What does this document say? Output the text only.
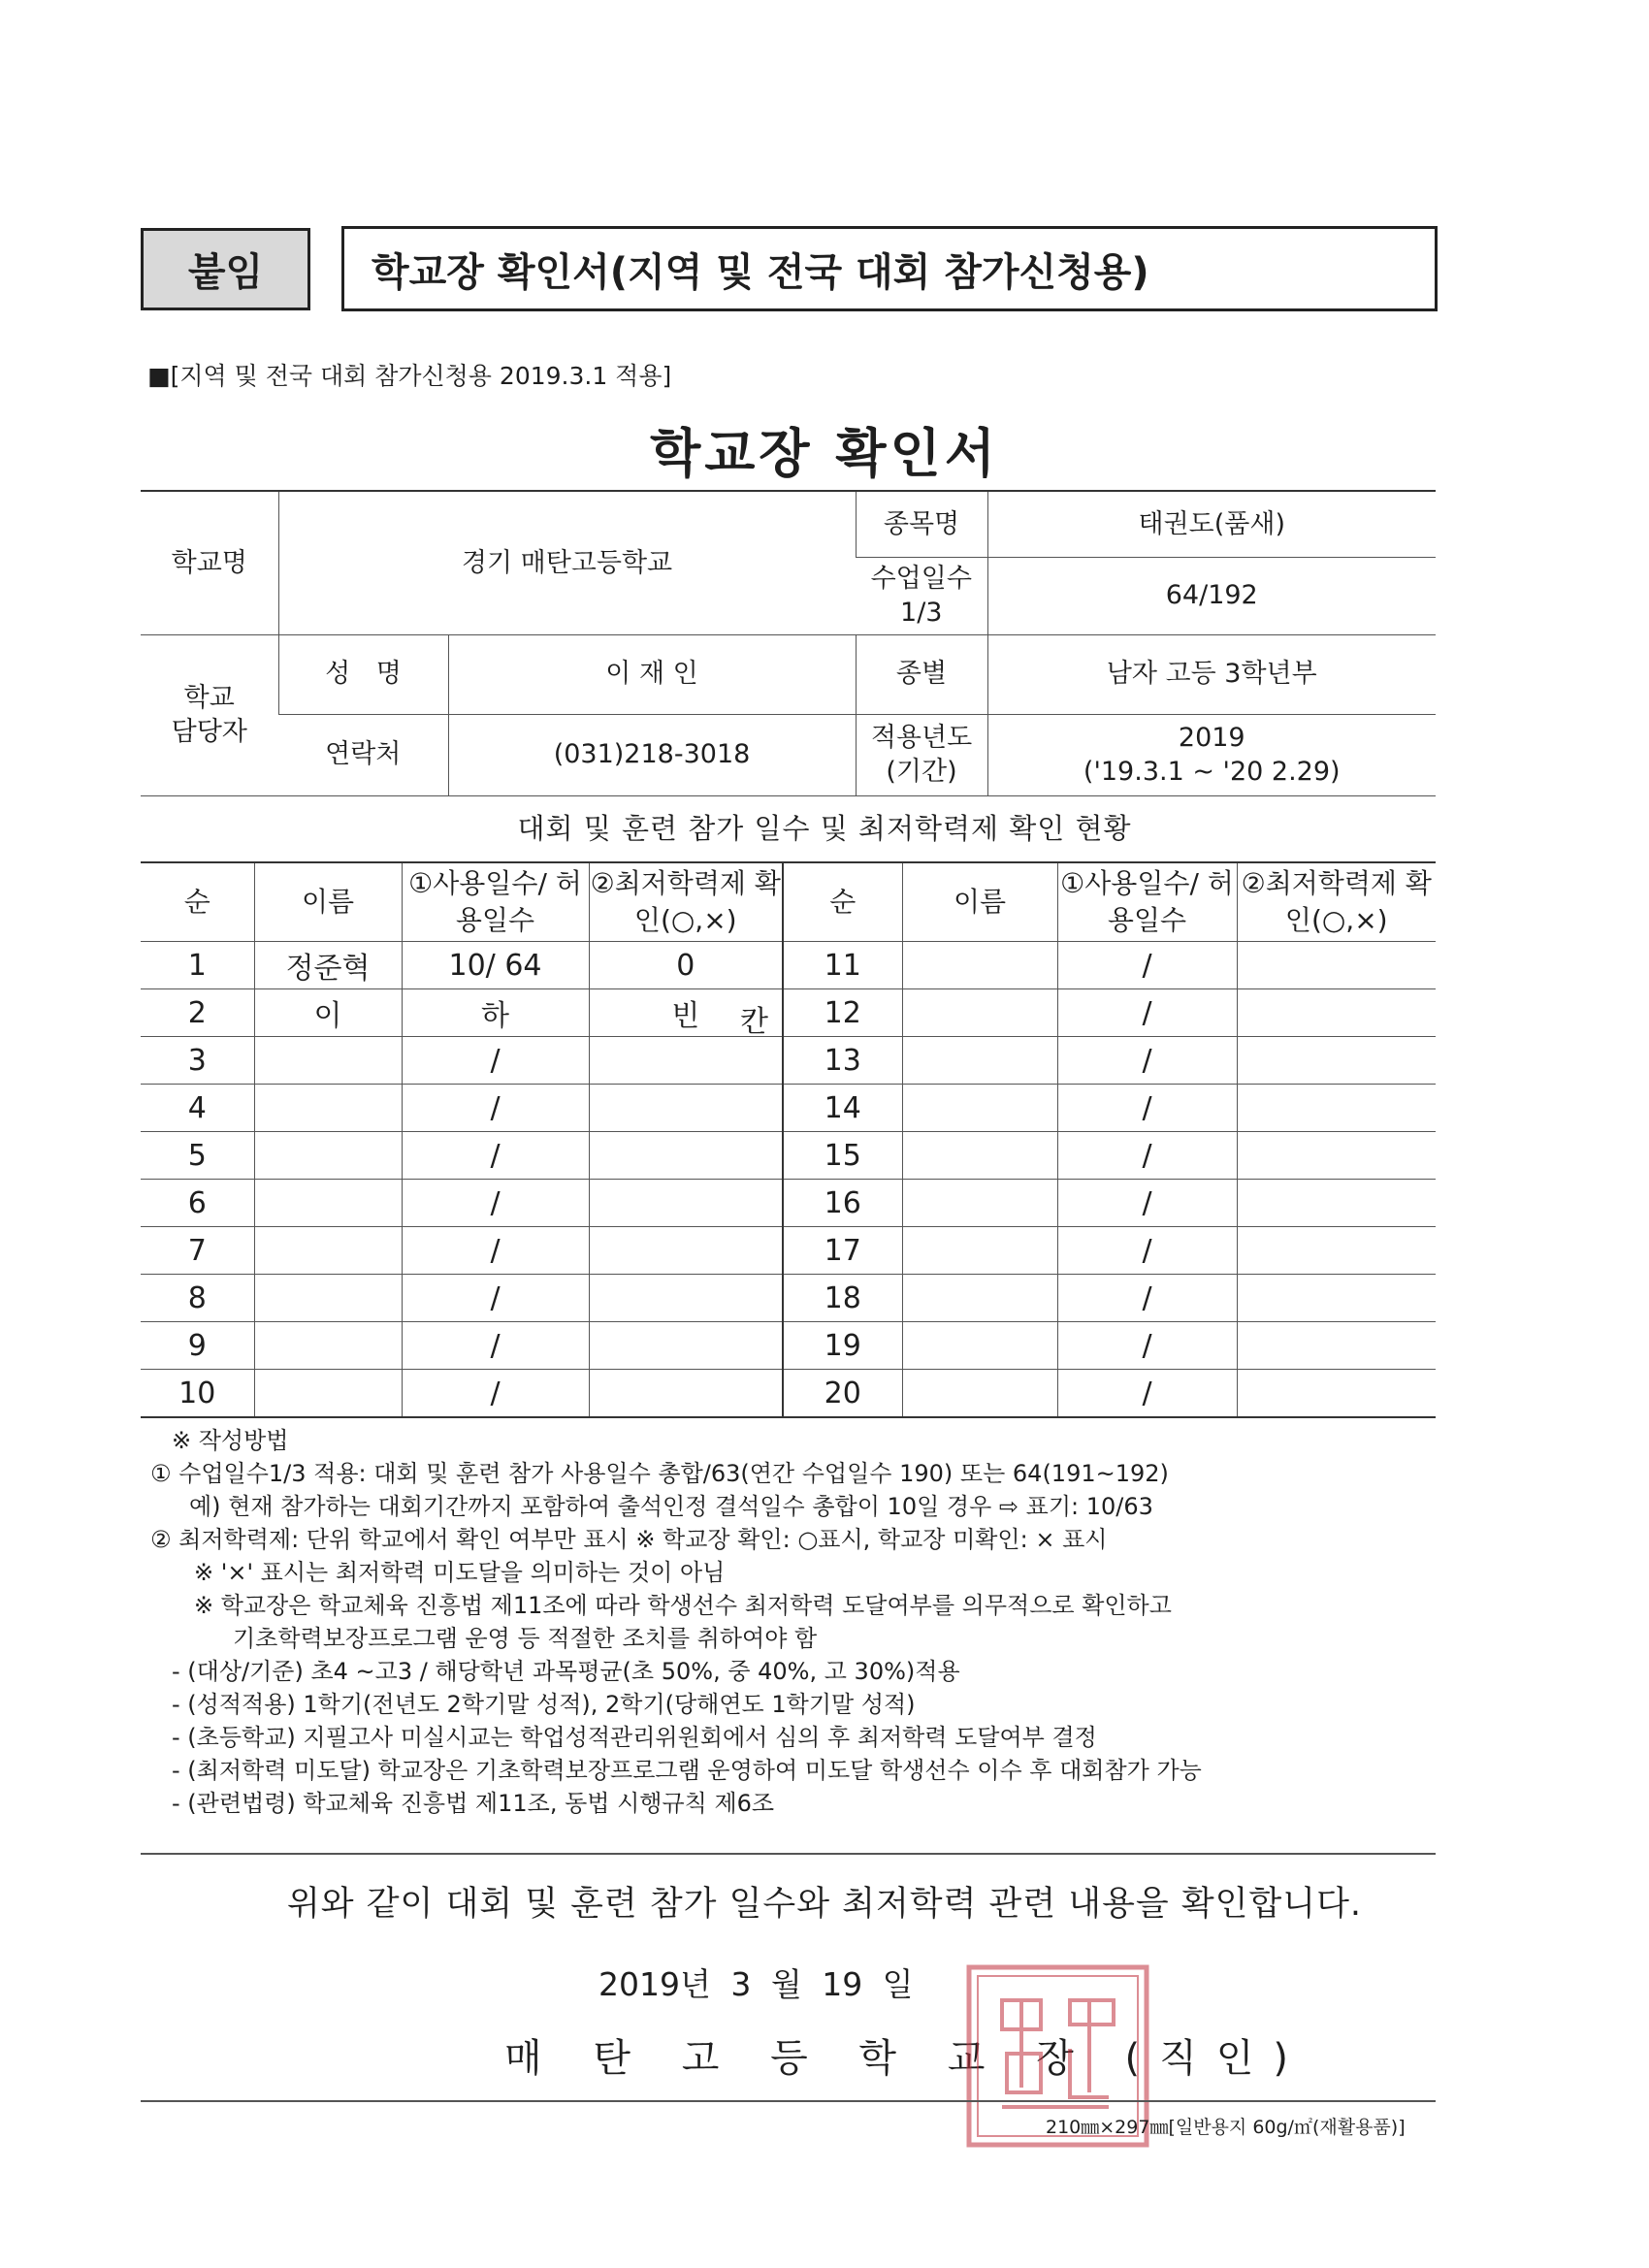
붙임	학교장 확인서(지역 및 전국 대회 참가신청용)
■[지역 및 전국 대회 참가신청용 2019.3.1 적용]
학교장 확인서
학교명	경기 매탄고등학교		종목명	태권도(품새)
			수업일수 1/3	64/192
학교 담당자	성 명	이 재 인	종별	남자 고등 3학년부
	연락처	(031)218-3018	적용년도 (기간)	2019
('19.3.1 ~ '20 2.29)
대회 및 훈련 참가 일수 및 최저학력제 확인 현황
순	이름	①사용일수/ 허용일수	②최저학력제 확인(○,×)	순	이름	①사용일수/ 허용일수	②최저학력제 확인(○,×)
1	정준혁	10/ 64	0	11		/	
2	이	하	빈 칸	12		/	
3		/		13		/	
4		/		14		/	
5		/		15		/	
6		/		16		/	
7		/		17		/	
8		/		18		/	
9		/		19		/	
10		/		20		/	
※ 작성방법
① 수업일수1/3 적용: 대회 및 훈련 참가 사용일수 총합/63(연간 수업일수 190) 또는 64(191~192)
예) 현재 참가하는 대회기간까지 포함하여 출석인정 결석일수 총합이 10일 경우 ⇨ 표기: 10/63
② 최저학력제: 단위 학교에서 확인 여부만 표시 ※ 학교장 확인: ○표시, 학교장 미확인: × 표시
※ '×' 표시는 최저학력 미도달을 의미하는 것이 아님
※ 학교장은 학교체육 진흥법 제11조에 따라 학생선수 최저학력 도달여부를 의무적으로 확인하고
기초학력보장프로그램 운영 등 적절한 조치를 취하여야 함
- (대상/기준) 초4 ~고3 / 해당학년 과목평균(초 50%, 중 40%, 고 30%)적용
- (성적적용) 1학기(전년도 2학기말 성적), 2학기(당해연도 1학기말 성적)
- (초등학교) 지필고사 미실시교는 학업성적관리위원회에서 심의 후 최저학력 도달여부 결정
- (최저학력 미도달) 학교장은 기초학력보장프로그램 운영하여 미도달 학생선수 이수 후 대회참가 가능
- (관련법령) 학교체육 진흥법 제11조, 동법 시행규칙 제6조
위와 같이 대회 및 훈련 참가 일수와 최저학력 관련 내용을 확인합니다.
2019년 3 월 19 일
매 탄 고 등 학 교 장 (직인)
210㎜×297㎜[일반용지 60g/㎡(재활용품)]
